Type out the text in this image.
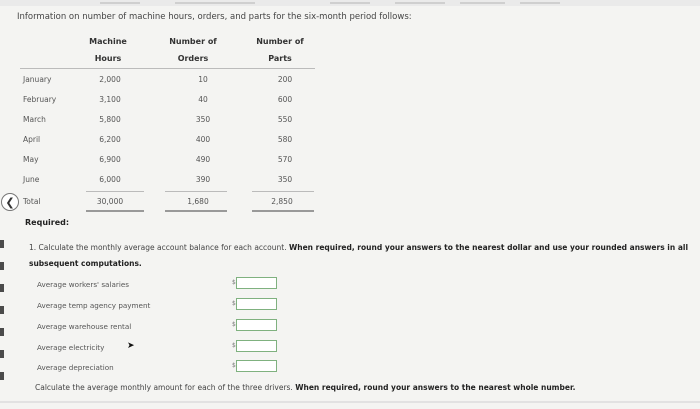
Information on number of machine hours, orders, and parts for the six-month period follows:
Machine
Hours
Number of
Orders
Number of
Parts
January	2,000	10	200
February	3,100	40	600
March	5,800	350	550
April	6,200	400	580
May	6,900	490	570
June	6,000	390	350
Total	30,000	1,680	2,850
❮
Required:
1. Calculate the monthly average account balance for each account. When required, round your answers to the nearest dollar and use your rounded answers in all subsequent computations.
Average workers' salaries	$
Average temp agency payment	$
Average warehouse rental	$
Average electricity	$
Average depreciation	$
➤
Calculate the average monthly amount for each of the three drivers. When required, round your answers to the nearest whole number.
